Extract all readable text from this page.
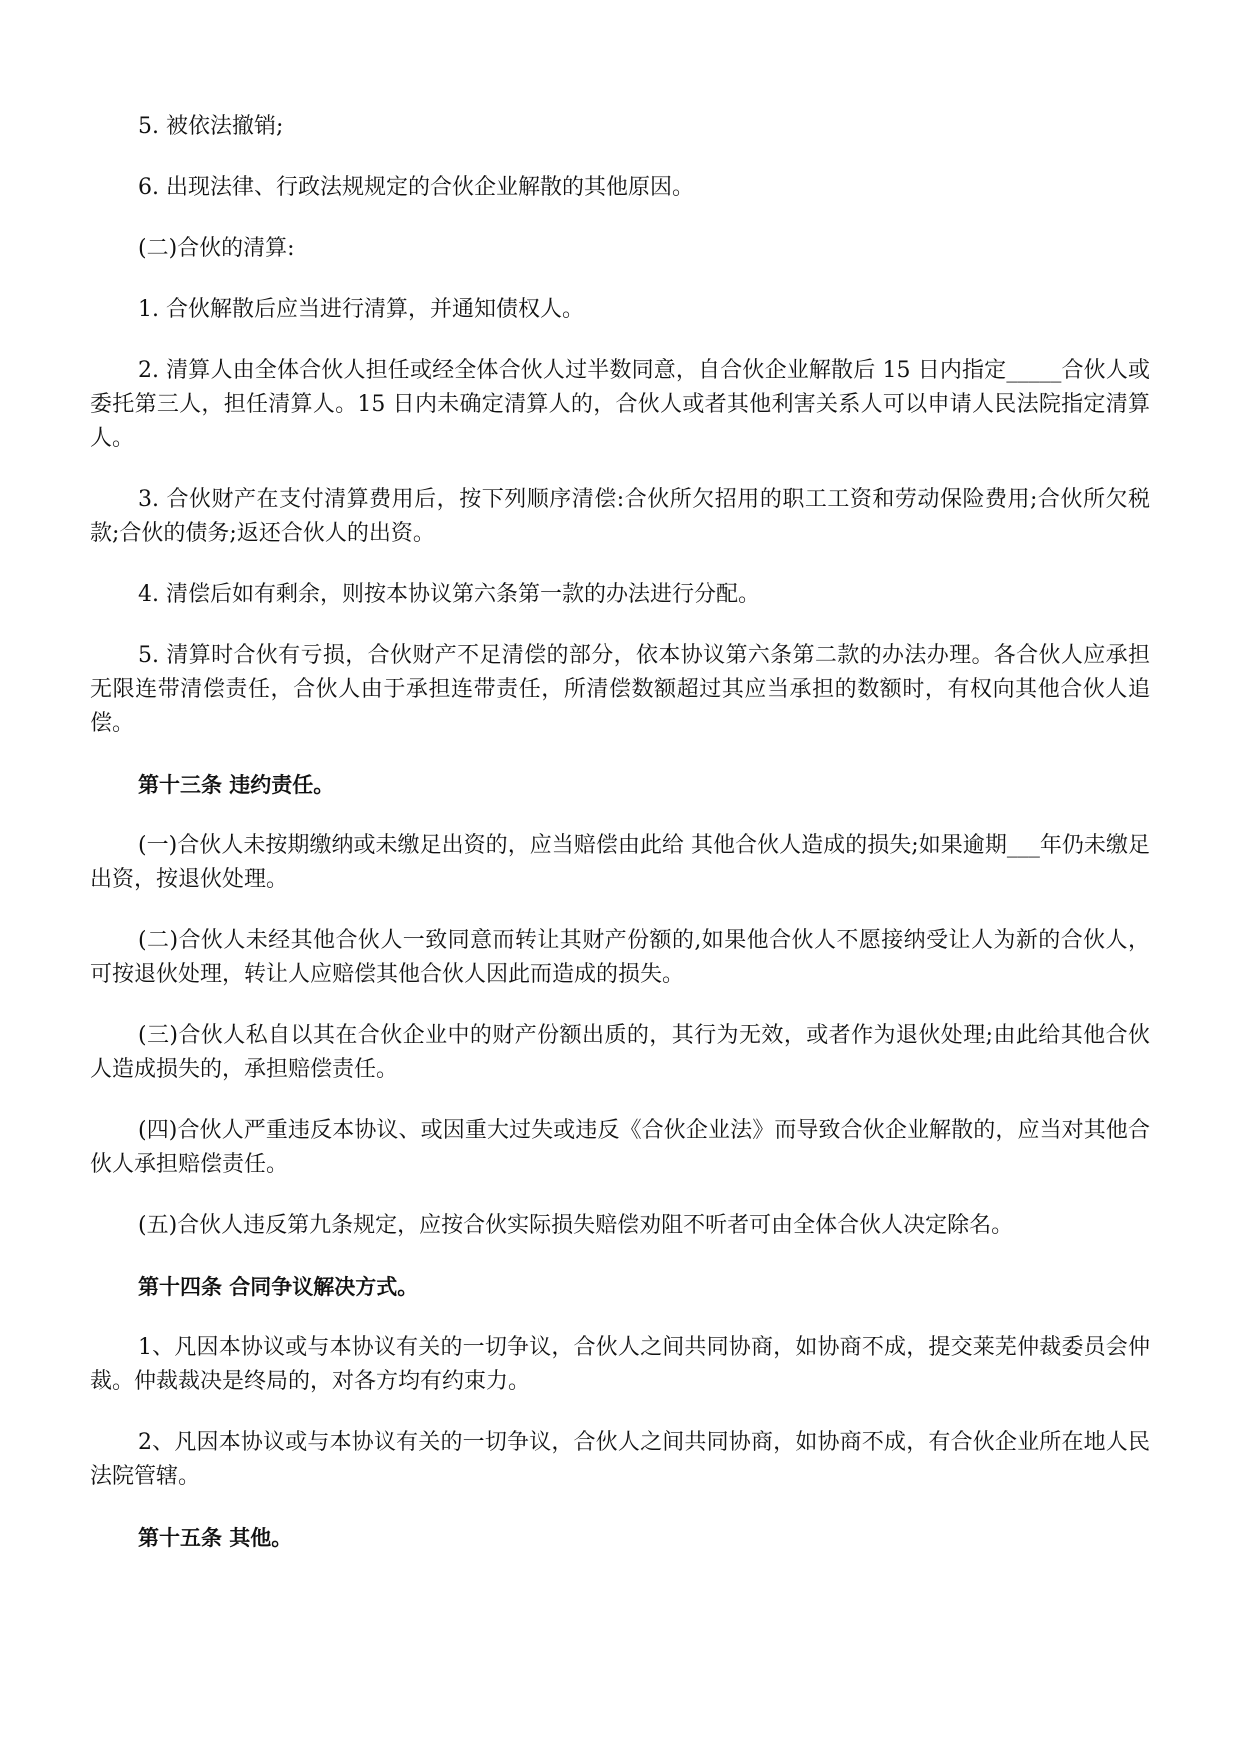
5. 被依法撤销;

6. 出现法律、行政法规规定的合伙企业解散的其他原因。

(二)合伙的清算:

1. 合伙解散后应当进行清算，并通知债权人。

2. 清算人由全体合伙人担任或经全体合伙人过半数同意，自合伙企业解散后 15 日内指定_____合伙人或委托第三人，担任清算人。15 日内未确定清算人的，合伙人或者其他利害关系人可以申请人民法院指定清算人。

3. 合伙财产在支付清算费用后，按下列顺序清偿:合伙所欠招用的职工工资和劳动保险费用;合伙所欠税款;合伙的债务;返还合伙人的出资。

4. 清偿后如有剩余，则按本协议第六条第一款的办法进行分配。

5. 清算时合伙有亏损，合伙财产不足清偿的部分，依本协议第六条第二款的办法办理。各合伙人应承担无限连带清偿责任，合伙人由于承担连带责任，所清偿数额超过其应当承担的数额时，有权向其他合伙人追偿。

第十三条 违约责任。

(一)合伙人未按期缴纳或未缴足出资的，应当赔偿由此给 其他合伙人造成的损失;如果逾期___年仍未缴足出资，按退伙处理。

(二)合伙人未经其他合伙人一致同意而转让其财产份额的,如果他合伙人不愿接纳受让人为新的合伙人，可按退伙处理，转让人应赔偿其他合伙人因此而造成的损失。

(三)合伙人私自以其在合伙企业中的财产份额出质的，其行为无效，或者作为退伙处理;由此给其他合伙人造成损失的，承担赔偿责任。

(四)合伙人严重违反本协议、或因重大过失或违反《合伙企业法》而导致合伙企业解散的，应当对其他合伙人承担赔偿责任。

(五)合伙人违反第九条规定，应按合伙实际损失赔偿劝阻不听者可由全体合伙人决定除名。

第十四条 合同争议解决方式。

1、凡因本协议或与本协议有关的一切争议，合伙人之间共同协商，如协商不成，提交莱芜仲裁委员会仲裁。仲裁裁决是终局的，对各方均有约束力。

2、凡因本协议或与本协议有关的一切争议，合伙人之间共同协商，如协商不成，有合伙企业所在地人民法院管辖。

第十五条 其他。
